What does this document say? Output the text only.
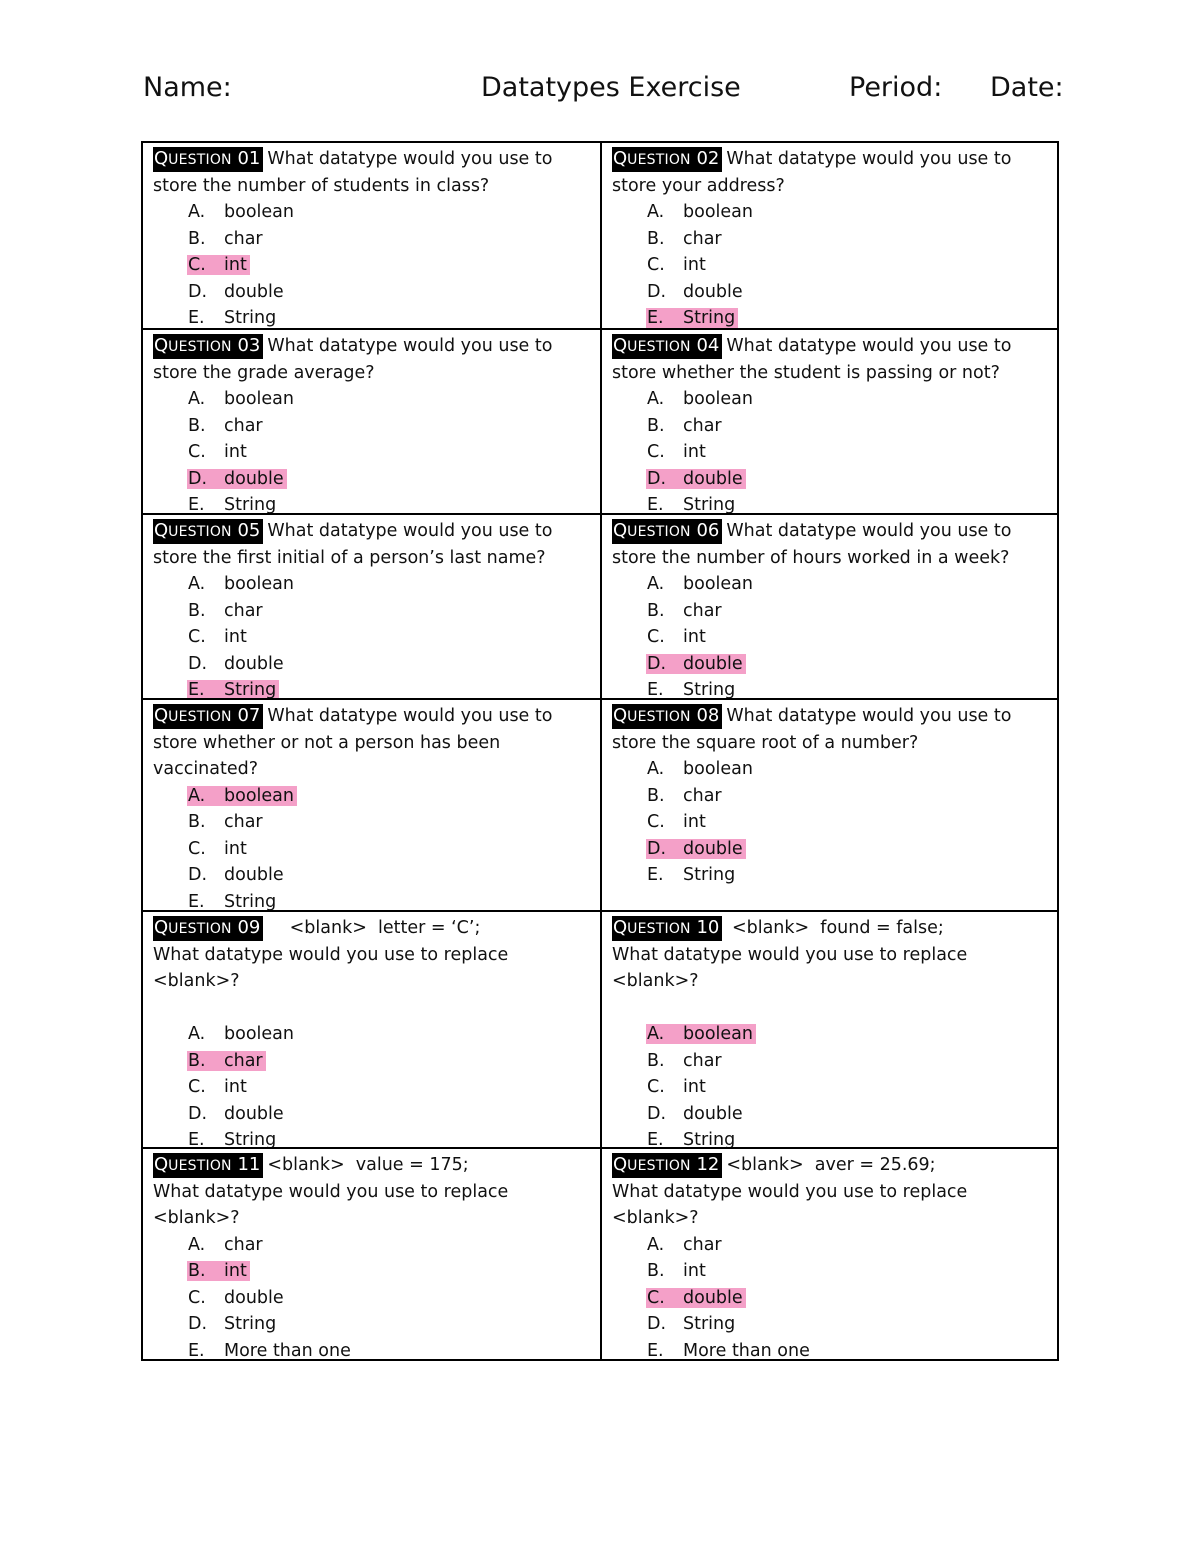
Name:	Datatypes Exercise	Period: Date:
QUESTION 01 What datatype would you use to
store the number of students in class?
A. boolean
B. char
C. int
D. double
E. String
QUESTION 02 What datatype would you use to
store your address?
A. boolean
B. char
C. int
D. double
E. String
QUESTION 03 What datatype would you use to
store the grade average?
A. boolean
B. char
C. int
D. double
E. String
QUESTION 04 What datatype would you use to
store whether the student is passing or not?
A. boolean
B. char
C. int
D. double
E. String
QUESTION 05 What datatype would you use to
store the first initial of a person’s last name?
A. boolean
B. char
C. int
D. double
E. String
QUESTION 06 What datatype would you use to
store the number of hours worked in a week?
A. boolean
B. char
C. int
D. double
E. String
QUESTION 07 What datatype would you use to
store whether or not a person has been
vaccinated?
A. boolean
B. char
C. int
D. double
E. String
QUESTION 08 What datatype would you use to
store the square root of a number?
A. boolean
B. char
C. int
D. double
E. String
QUESTION 09    <blank>  letter = ‘C’;
What datatype would you use to replace
<blank>?
A. boolean
B. char
C. int
D. double
E. String
QUESTION 10 <blank>  found = false;
What datatype would you use to replace
<blank>?
A. boolean
B. char
C. int
D. double
E. String
QUESTION 11 <blank>  value = 175;
What datatype would you use to replace
<blank>?
A. char
B. int
C. double
D. String
E. More than one
QUESTION 12 <blank>  aver = 25.69;
What datatype would you use to replace
<blank>?
A. char
B. int
C. double
D. String
E. More than one
